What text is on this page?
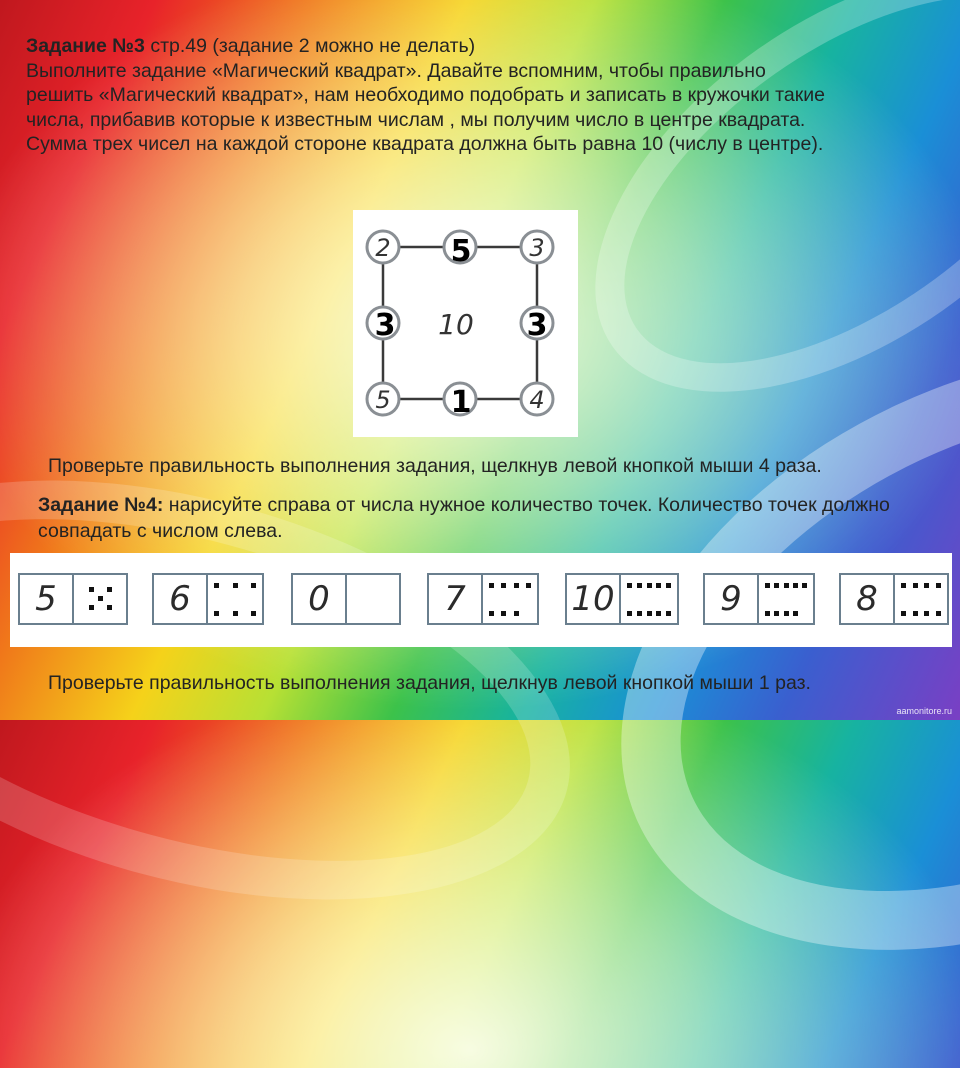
Задание №3 стр.49 (задание 2 можно не делать)
Выполните задание «Магический квадрат». Давайте вспомним, чтобы правильно
решить «Магический квадрат», нам необходимо подобрать и записать в кружочки такие
числа, прибавив которые к известным числам , мы получим число в центре квадрата.
Сумма трех чисел на каждой стороне квадрата должна быть равна 10 (числу в центре).

2	3
5	4
10
5
3	3
1
Проверьте правильность выполнения задания, щелкнув левой кнопкой мыши 4 раза.

Задание №4: нарисуйте справа от числа нужное количество точек. Количество точек должно совпадать с числом слева.

5	6	0	7	10	9	8
Проверьте правильность выполнения задания, щелкнув левой кнопкой мыши 1 раз.
aamonitore.ru
